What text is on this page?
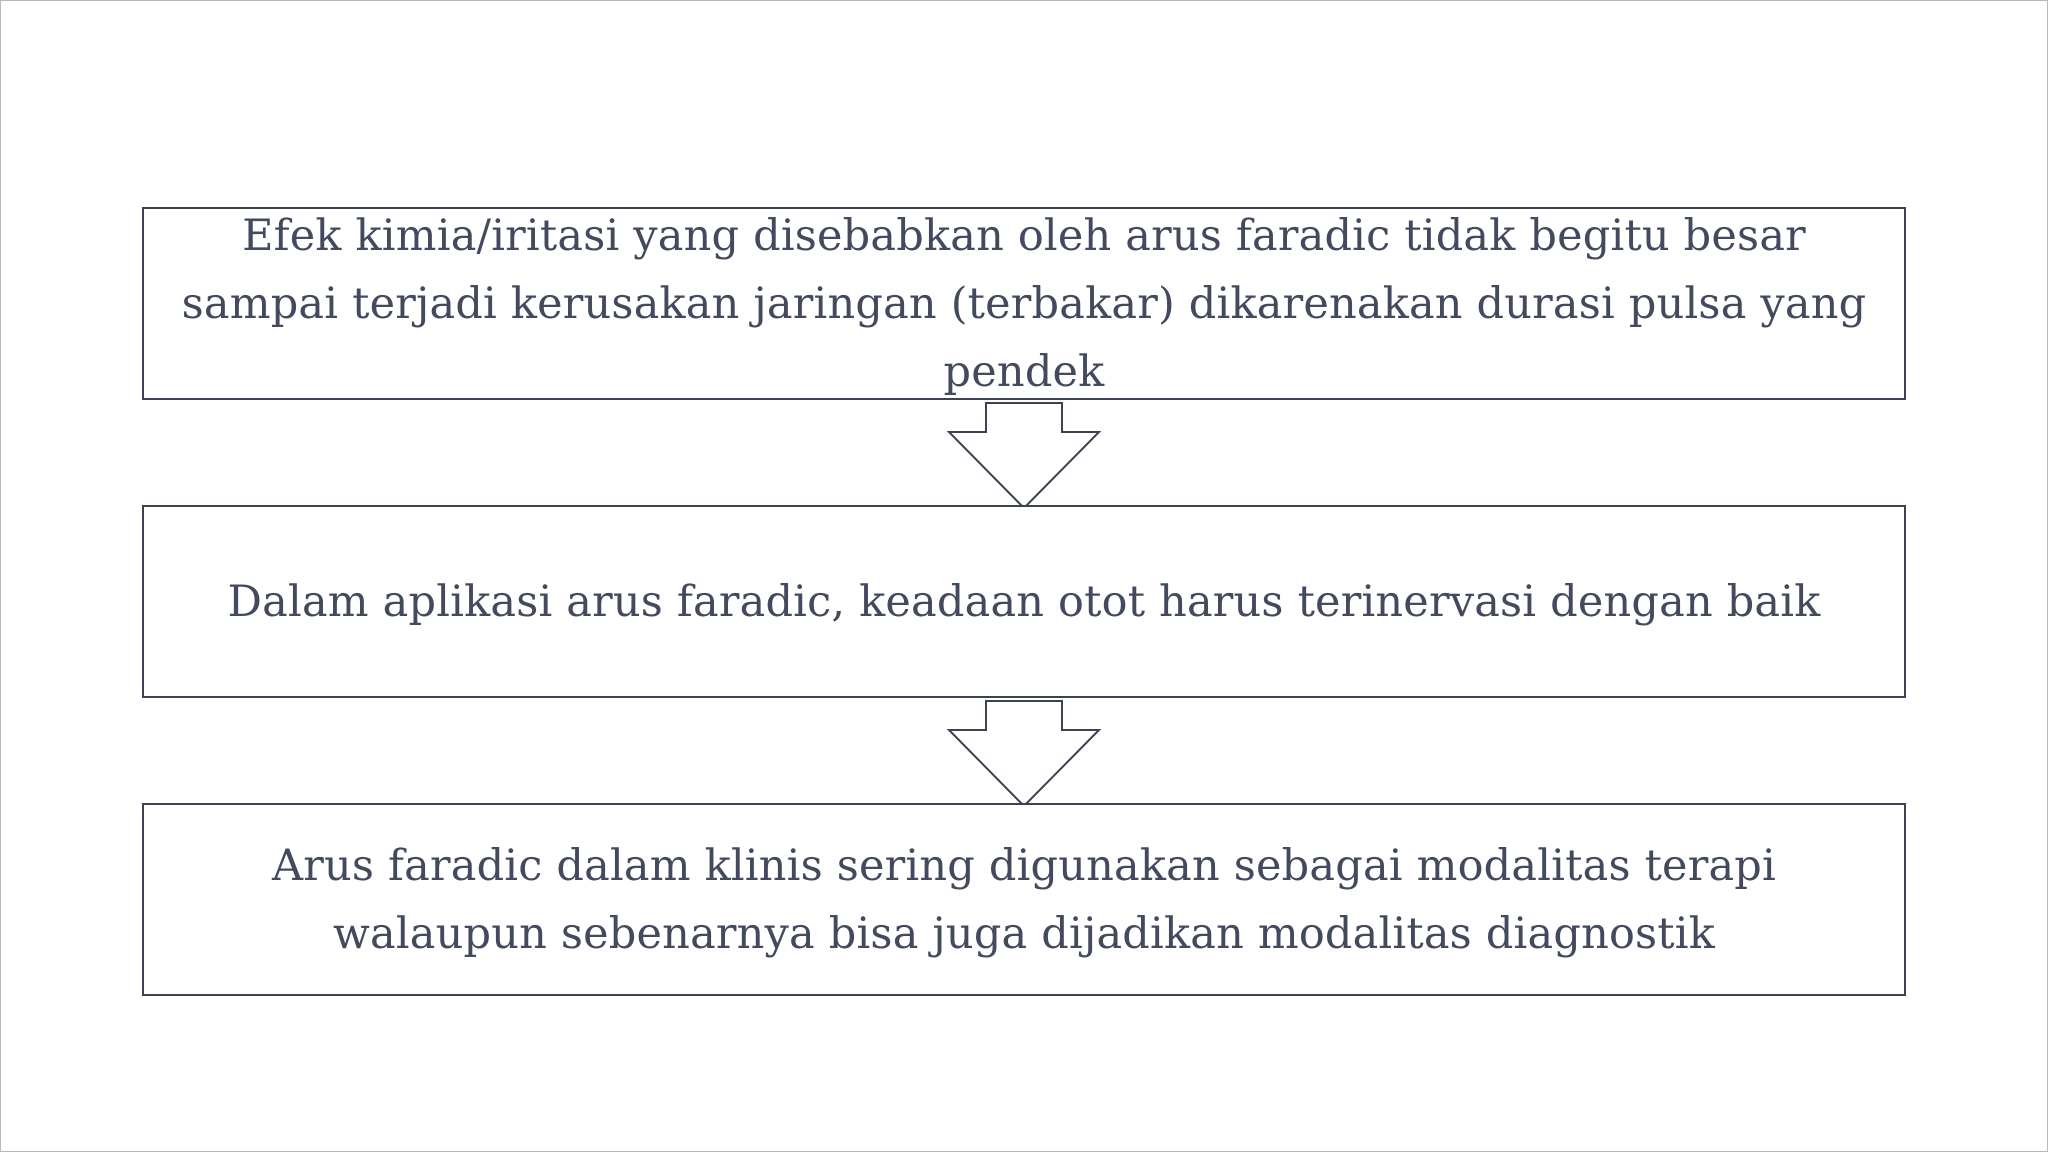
Efek kimia/iritasi yang disebabkan oleh arus faradic tidak begitu besar sampai terjadi kerusakan jaringan (terbakar) dikarenakan durasi pulsa yang pendek
Dalam aplikasi arus faradic, keadaan otot harus terinervasi dengan baik
Arus faradic dalam klinis sering digunakan sebagai modalitas terapi walaupun sebenarnya bisa juga dijadikan modalitas diagnostik
